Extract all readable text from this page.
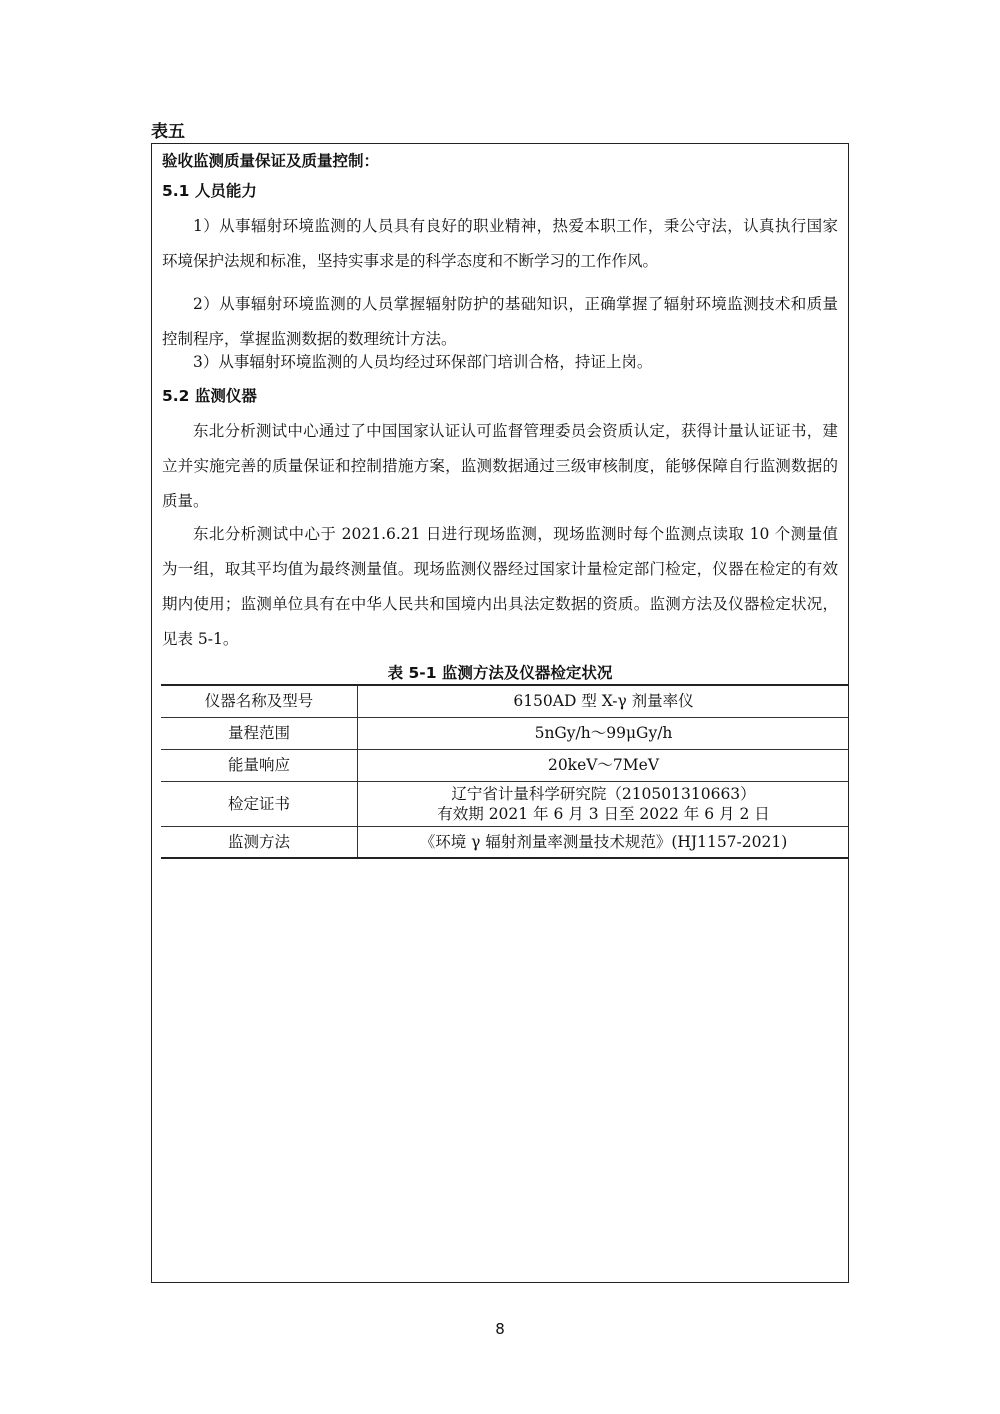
表五
验收监测质量保证及质量控制：
5.1 人员能力

1）从事辐射环境监测的人员具有良好的职业精神，热爱本职工作，秉公守法，认真执行国家环境保护法规和标准，坚持实事求是的科学态度和不断学习的工作作风。

2）从事辐射环境监测的人员掌握辐射防护的基础知识，正确掌握了辐射环境监测技术和质量控制程序，掌握监测数据的数理统计方法。

3）从事辐射环境监测的人员均经过环保部门培训合格，持证上岗。

5.2 监测仪器

东北分析测试中心通过了中国国家认证认可监督管理委员会资质认定，获得计量认证证书，建立并实施完善的质量保证和控制措施方案，监测数据通过三级审核制度，能够保障自行监测数据的质量。

东北分析测试中心于 2021.6.21 日进行现场监测，现场监测时每个监测点读取 10 个测量值为一组，取其平均值为最终测量值。现场监测仪器经过国家计量检定部门检定，仪器在检定的有效期内使用；监测单位具有在中华人民共和国境内出具法定数据的资质。监测方法及仪器检定状况，见表 5-1。

表 5-1 监测方法及仪器检定状况
仪器名称及型号	6150AD 型 X-γ 剂量率仪
量程范围	5nGy/h～99μGy/h
能量响应	20keV～7MeV
检定证书	辽宁省计量科学研究院（210501310663）
有效期 2021 年 6 月 3 日至 2022 年 6 月 2 日

监测方法	《环境 γ 辐射剂量率测量技术规范》(HJ1157-2021)
8
